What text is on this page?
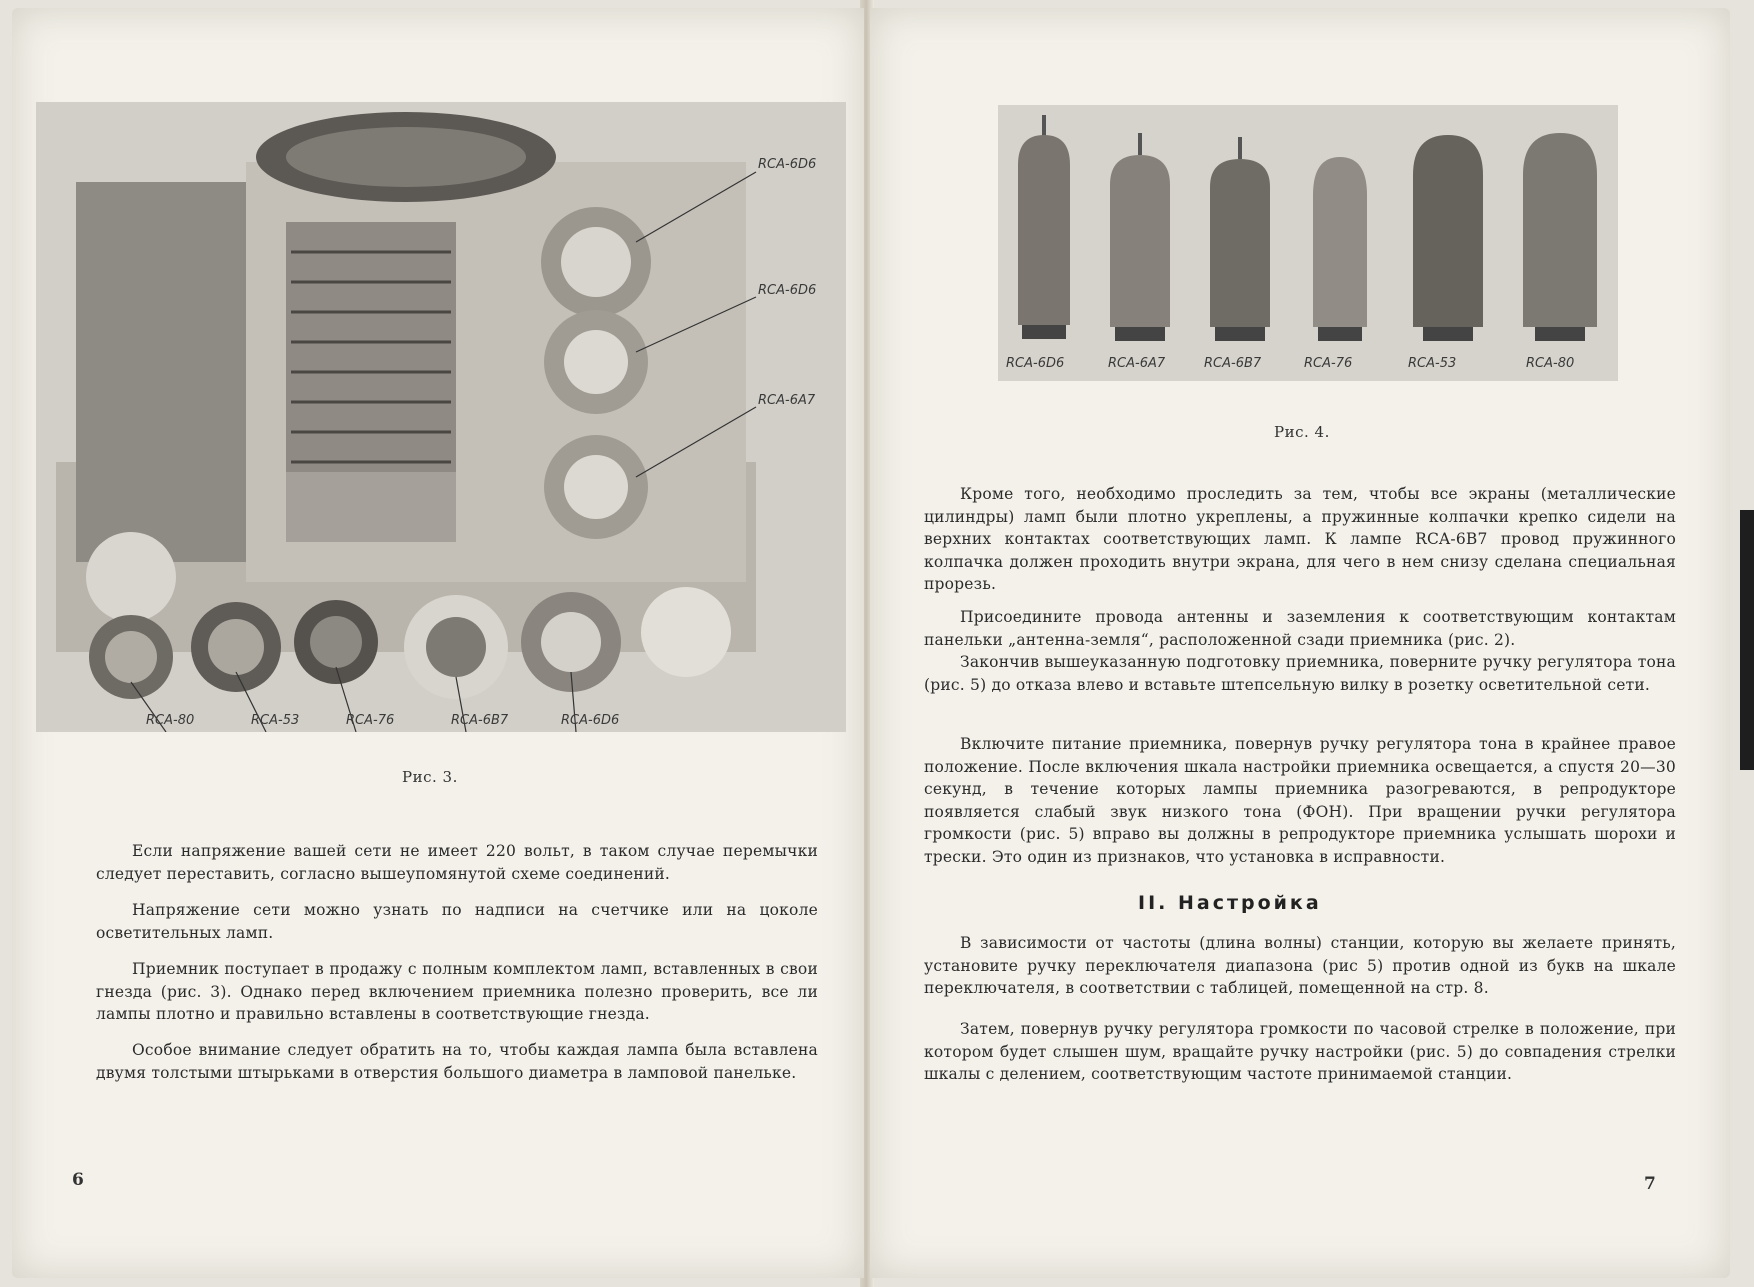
RCA-6D6
RCA-6D6
RCA-6A7
RCA-80	RCA-53	RCA-76	RCA-6B7	RCA-6D6
Рис. 3.

Если напряжение вашей сети не имеет 220 вольт, в таком случае перемычки следует переставить, согласно вышеупомянутой схеме соединений.

Напряжение сети можно узнать по надписи на счетчике или на цоколе осветительных ламп.

Приемник поступает в продажу с полным комплектом ламп, вставленных в свои гнезда (рис. 3). Однако перед включением приемника полезно проверить, все ли лампы плотно и правильно вставлены в соответствующие гнезда.

Особое внимание следует обратить на то, чтобы каждая лампа была вставлена двумя толстыми штырьками в отверстия большого диаметра в ламповой панельке.

6
RCA-6D6	RCA-6A7	RCA-6B7	RCA-76	RCA-53	RCA-80
Рис. 4.

Кроме того, необходимо проследить за тем, чтобы все экраны (металлические цилиндры) ламп были плотно укреплены, а пружинные колпачки крепко сидели на верхних контактах соответствующих ламп. К лампе RCA-6B7 провод пружинного колпачка должен проходить внутри экрана, для чего в нем снизу сделана специальная прорезь.

Присоедините провода антенны и заземления к соответствующим контактам панельки „антенна-земля“, расположенной сзади приемника (рис. 2).

Закончив вышеуказанную подготовку приемника, поверните ручку регулятора тона (рис. 5) до отказа влево и вставьте штепсельную вилку в розетку осветительной сети.

Включите питание приемника, повернув ручку регулятора тона в крайнее правое положение. После включения шкала настройки приемника освещается, а спустя 20—30 секунд, в течение которых лампы приемника разогреваются, в репродукторе появляется слабый звук низкого тона (ФОН). При вращении ручки регулятора громкости (рис. 5) вправо вы должны в репродукторе приемника услышать шорохи и трески. Это один из признаков, что установка в исправности.

II. Настройка

В зависимости от частоты (длина волны) станции, которую вы желаете принять, установите ручку переключателя диапазона (рис 5) против одной из букв на шкале переключателя, в соответствии с таблицей, помещенной на стр. 8.

Затем, повернув ручку регулятора громкости по часовой стрелке в положение, при котором будет слышен шум, вращайте ручку настройки (рис. 5) до совпадения стрелки шкалы с делением, соответствующим частоте принимаемой станции.

7
